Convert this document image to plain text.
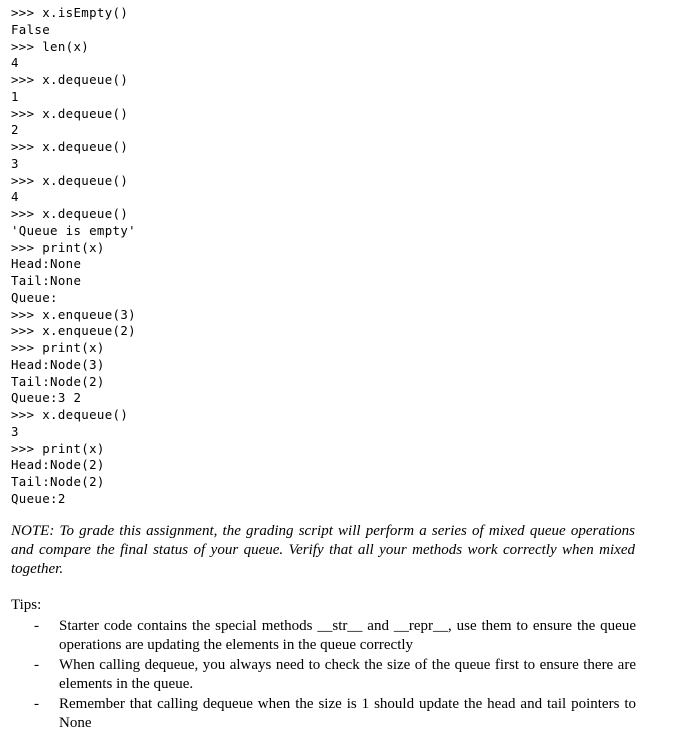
>>> x.isEmpty()
False
>>> len(x)
4
>>> x.dequeue()
1
>>> x.dequeue()
2
>>> x.dequeue()
3
>>> x.dequeue()
4
>>> x.dequeue()
'Queue is empty'
>>> print(x)
Head:None
Tail:None
Queue:
>>> x.enqueue(3)
>>> x.enqueue(2)
>>> print(x)
Head:Node(3)
Tail:Node(2)
Queue:3 2
>>> x.dequeue()
3
>>> print(x)
Head:Node(2)
Tail:Node(2)
Queue:2

NOTE: To grade this assignment, the grading script will perform a series of mixed queue operations and compare the final status of your queue. Verify that all your methods work correctly when mixed together.

Tips:

- Starter code contains the special methods __str__ and __repr__, use them to ensure the queue operations are updating the elements in the queue correctly
- When calling dequeue, you always need to check the size of the queue first to ensure there are elements in the queue.
- Remember that calling dequeue when the size is 1 should update the head and tail pointers to None
